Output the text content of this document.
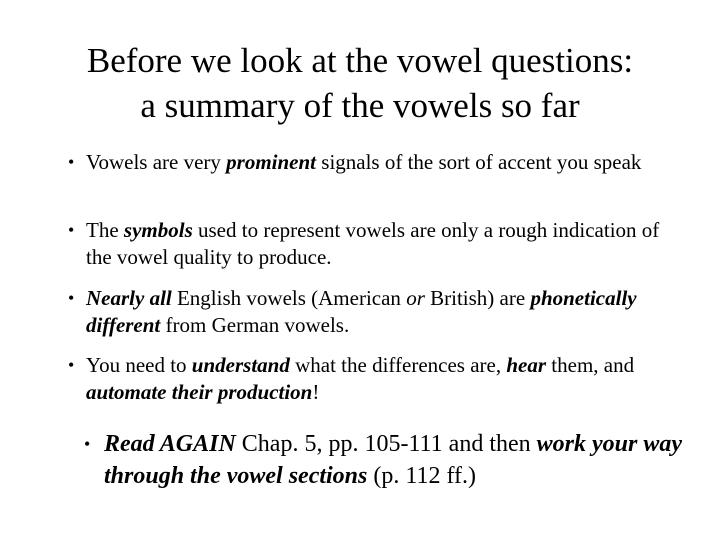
Before we look at the vowel questions:
a summary of the vowels so far
• Vowels are very prominent signals of the sort of accent you speak
• The symbols used to represent vowels are only a rough indication of the vowel quality to produce.
• Nearly all English vowels (American or British) are phonetically different from German vowels.
• You need to understand what the differences are, hear them, and automate their production!
• Read AGAIN Chap. 5, pp. 105-111 and then work your way through the vowel sections (p. 112 ff.)
